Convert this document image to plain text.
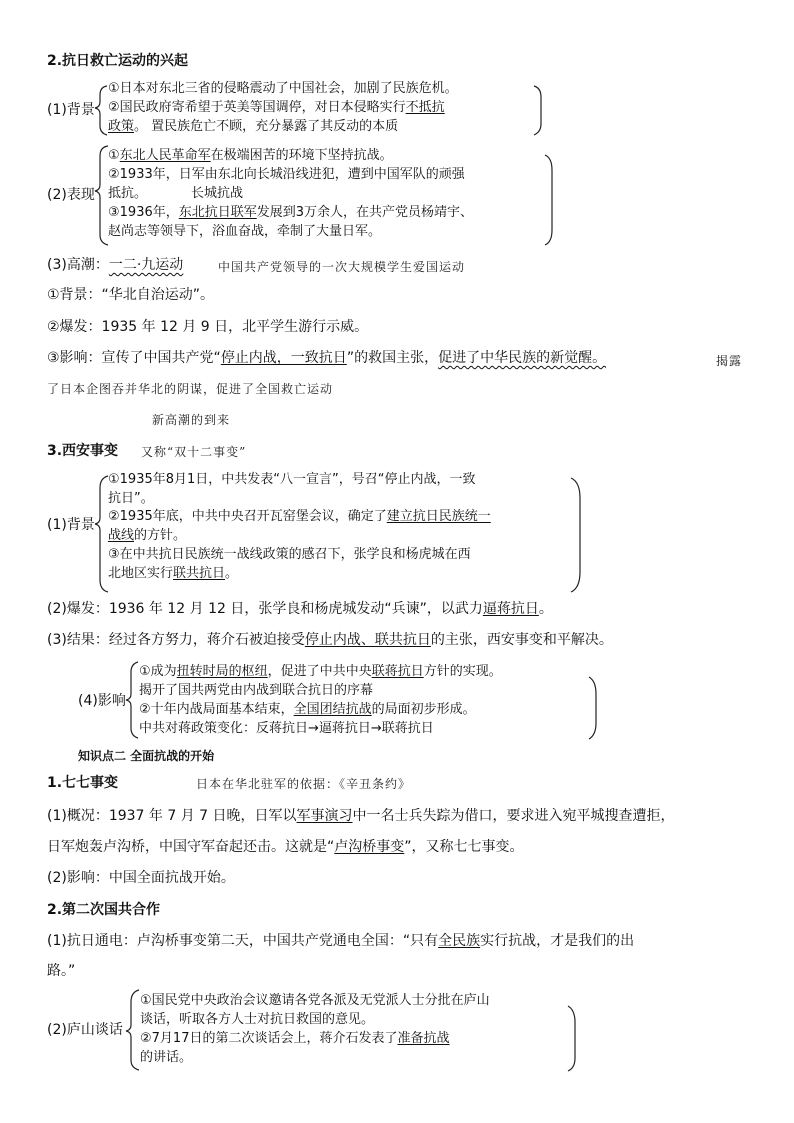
2.抗日救亡运动的兴起
(1)背景
①日本对东北三省的侵略震动了中国社会，加剧了民族危机。
②国民政府寄希望于英美等国调停，对日本侵略实行不抵抗
政策。 置民族危亡不顾，充分暴露了其反动的本质
(2)表现
①东北人民革命军在极端困苦的环境下坚持抗战。
②1933年，日军由东北向长城沿线进犯，遭到中国军队的顽强
抵抗。	长城抗战
③1936年，东北抗日联军发展到3万余人，在共产党员杨靖宇、
赵尚志等领导下，浴血奋战，牵制了大量日军。
(3)高潮：一二·九运动	中国共产党领导的一次大规模学生爱国运动
①背景：“华北自治运动”。
②爆发：1935 年 12 月 9 日，北平学生游行示威。
③影响：宣传了中国共产党“停止内战，一致抗日”的救国主张，促进了中华民族的新觉醒。	揭露
了日本企图吞并华北的阴谋，促进了全国救亡运动
新高潮的到来
3.西安事变 又称“双十二事变”
(1)背景
①1935年8月1日，中共发表“八一宣言”，号召“停止内战，一致
抗日”。
②1935年底，中共中央召开瓦窑堡会议，确定了建立抗日民族统一
战线的方针。
③在中共抗日民族统一战线政策的感召下，张学良和杨虎城在西
北地区实行联共抗日。
(2)爆发：1936 年 12 月 12 日，张学良和杨虎城发动“兵谏”，以武力逼蒋抗日。
(3)结果：经过各方努力，蒋介石被迫接受停止内战、联共抗日的主张，西安事变和平解决。
(4)影响
①成为扭转时局的枢纽，促进了中共中央联蒋抗日方针的实现。
揭开了国共两党由内战到联合抗日的序幕
②十年内战局面基本结束，全国团结抗战的局面初步形成。
中共对蒋政策变化：反蒋抗日→逼蒋抗日→联蒋抗日
知识点二 全面抗战的开始
1.七七事变	日本在华北驻军的依据：《辛丑条约》
(1)概况：1937 年 7 月 7 日晚，日军以军事演习中一名士兵失踪为借口，要求进入宛平城搜查遭拒，
日军炮轰卢沟桥，中国守军奋起还击。这就是“卢沟桥事变”，又称七七事变。
(2)影响：中国全面抗战开始。
2.第二次国共合作
(1)抗日通电：卢沟桥事变第二天，中国共产党通电全国：“只有全民族实行抗战，才是我们的出
路。”
(2)庐山谈话
①国民党中央政治会议邀请各党各派及无党派人士分批在庐山
谈话，听取各方人士对抗日救国的意见。
②7月17日的第二次谈话会上，蒋介石发表了准备抗战
的讲话。
